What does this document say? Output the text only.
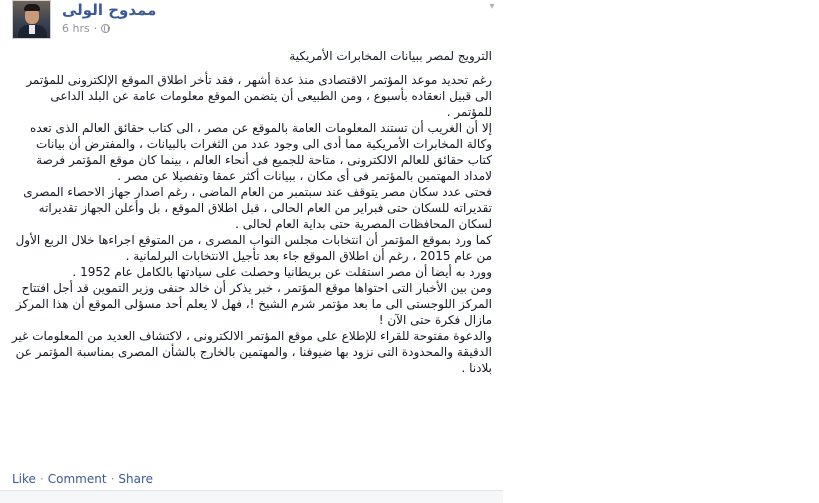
ممدوح الولى
6 hrs ·
▾
الترويج لمصر ببيانات المخابرات الأمريكية

رغم تحديد موعد المؤتمر الاقتصادى منذ عدة أشهر ، فقد تأخر اطلاق الموقع الإلكترونى للمؤتمر الى قبيل انعقاده بأسبوع ، ومن الطبيعى أن يتضمن الموقع معلومات عامة عن البلد الداعى للمؤتمر .

إلا أن الغريب أن تستند المعلومات العامة بالموقع عن مصر ، الى كتاب حقائق العالم الذى تعده وكالة المخابرات الأمريكية مما أدى الى وجود عدد من الثغرات بالبيانات ، والمفترض أن بيانات كتاب حقائق للعالم الالكترونى ، متاحة للجميع فى أنحاء العالم ، بينما كان موقع المؤتمر فرصة لامداد المهتمين بالمؤتمر فى أى مكان ، ببيانات أكثر عمقا وتفصيلا عن مصر .

فحتى عدد سكان مصر يتوقف عند سبتمبر من العام الماضى ، رغم اصدار جهاز الاحصاء المصرى تقديراته للسكان حتى فبراير من العام الحالى ، قبل اطلاق الموقع ، بل وأعلن الجهاز تقديراته لسكان المحافظات المصرية حتى بداية العام لحالى .

كما ورد بموقع المؤتمر أن انتخابات مجلس النواب المصرى ، من المتوقع اجراءها خلال الربع الأول من عام 2015 ، رغم أن اطلاق الموقع جاء بعد تأجيل الانتخابات البرلمانية .

وورد به أيضا أن مصر استقلت عن بريطانيا وحصلت على سيادتها بالكامل عام 1952 .

ومن بين الأخبار التى احتواها موقع المؤتمر ، خبر يذكر أن خالد حنفى وزير التموين قد أجل افتتاح المركز اللوجستى الى ما بعد مؤتمر شرم الشيخ !، فهل لا يعلم أحد مسؤلى الموقع أن هذا المركز مازال فكرة حتى الآن !

والدعوة مفتوحة للقراء للإطلاع على موقع المؤتمر الالكترونى ، لاكتشاف العديد من المعلومات غير الدقيقة والمحدودة التى نزود بها ضيوفنا ، والمهتمين بالخارج بالشأن المصرى بمناسبة المؤتمر عن بلادنا .

Like · Comment · Share
